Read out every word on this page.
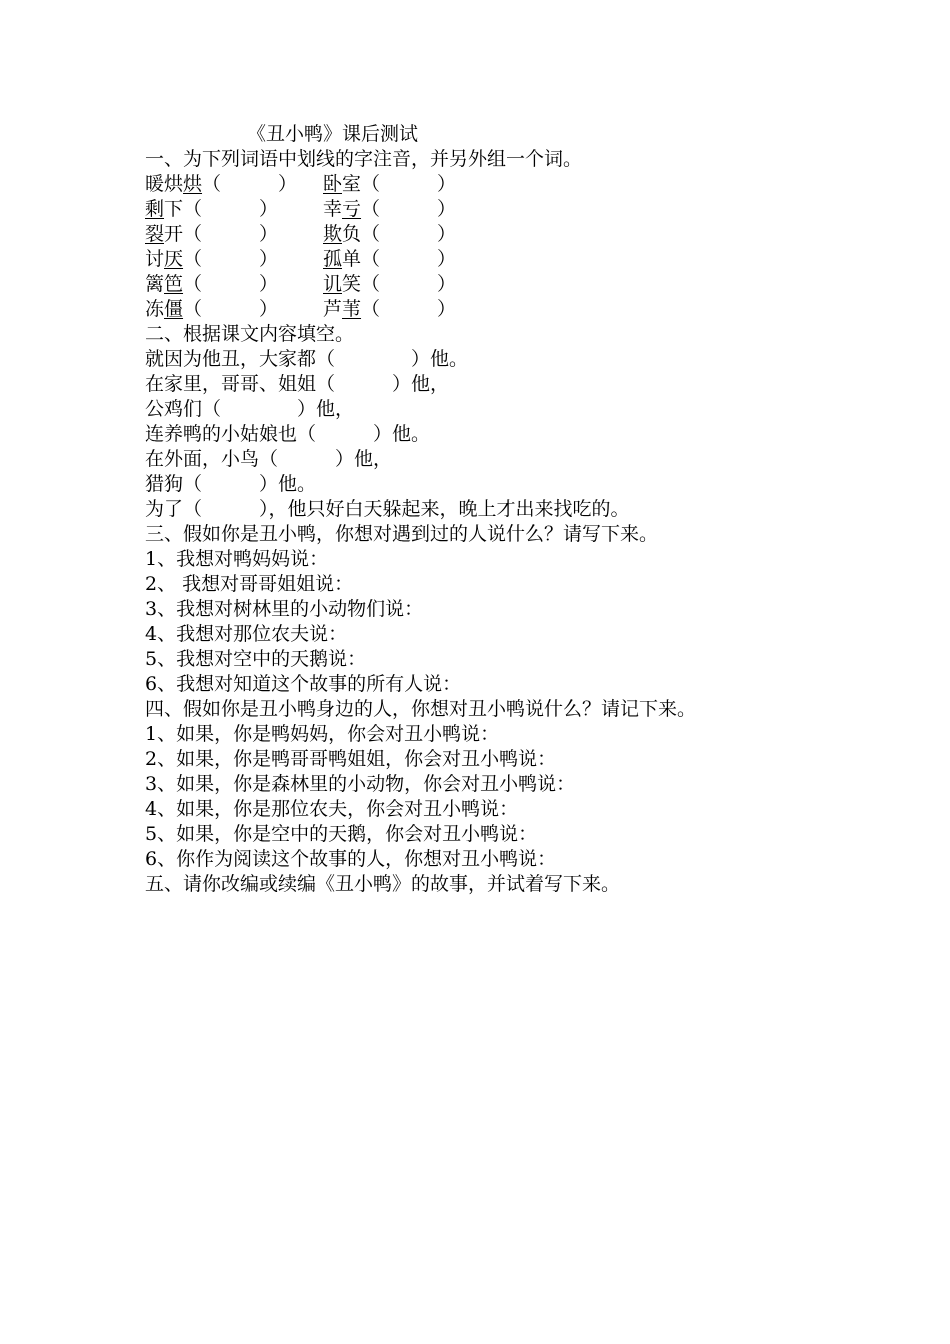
《丑小鸭》课后测试
一、为下列词语中划线的字注音，并另外组一个词。
暖烘烘（　　　） 卧室（　　　）
剩下（　　　） 幸亏（　　　）
裂开（　　　） 欺负（　　　）
讨厌（　　　） 孤单（　　　）
篱笆（　　　） 讥笑（　　　）
冻僵（　　　） 芦苇（　　　）
二、根据课文内容填空。
就因为他丑，大家都（　　　　）他。
在家里，哥哥、姐姐（　　　）他，
公鸡们（　　　　）他，
连养鸭的小姑娘也（　　　）他。
在外面，小鸟（　　　）他，
猎狗（　　　）他。
为了（　　　），他只好白天躲起来，晚上才出来找吃的。
三、假如你是丑小鸭，你想对遇到过的人说什么？请写下来。
1、我想对鸭妈妈说：
2、 我想对哥哥姐姐说：
3、我想对树林里的小动物们说：
4、我想对那位农夫说：
5、我想对空中的天鹅说：
6、我想对知道这个故事的所有人说：
四、假如你是丑小鸭身边的人，你想对丑小鸭说什么？请记下来。
1、如果，你是鸭妈妈，你会对丑小鸭说：
2、如果，你是鸭哥哥鸭姐姐，你会对丑小鸭说：
3、如果，你是森林里的小动物，你会对丑小鸭说：
4、如果，你是那位农夫，你会对丑小鸭说：
5、如果，你是空中的天鹅，你会对丑小鸭说：
6、你作为阅读这个故事的人，你想对丑小鸭说：
五、请你改编或续编《丑小鸭》的故事，并试着写下来。
